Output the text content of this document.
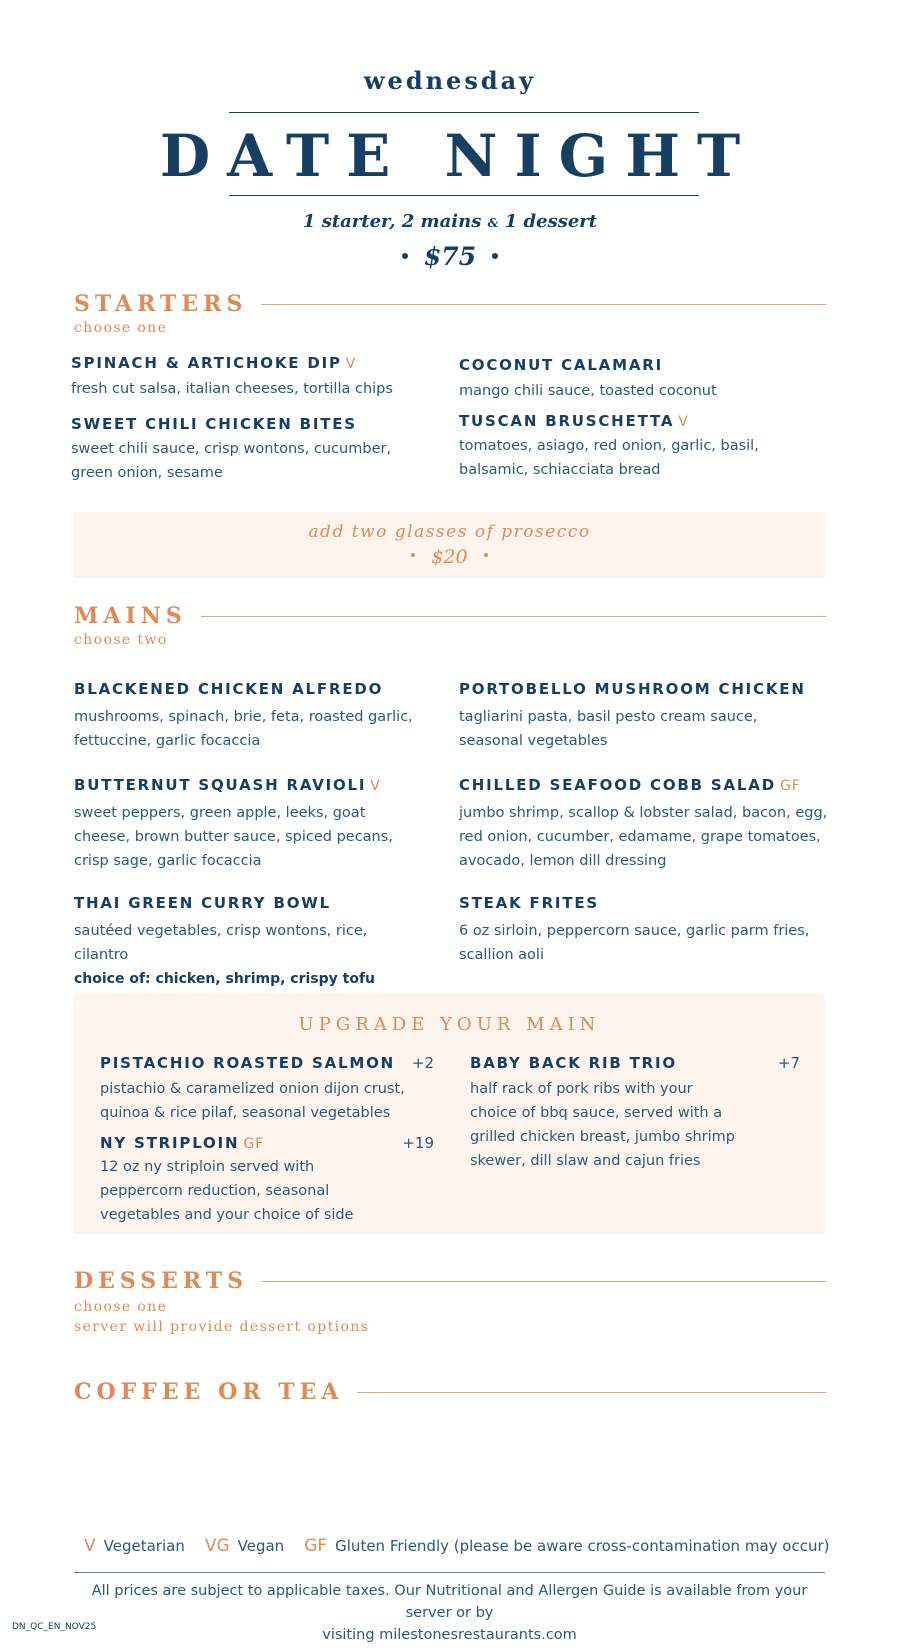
wednesday
DATE NIGHT
1 starter, 2 mains & 1 dessert
$75
STARTERS
choose one
SPINACH & ARTICHOKE DIP V
fresh cut salsa, italian cheeses, tortilla chips
COCONUT CALAMARI
mango chili sauce, toasted coconut
SWEET CHILI CHICKEN BITES
sweet chili sauce, crisp wontons, cucumber, green onion, sesame
TUSCAN BRUSCHETTA V
tomatoes, asiago, red onion, garlic, basil, balsamic, schiacciata bread
add two glasses of prosecco
$20
MAINS
choose two
BLACKENED CHICKEN ALFREDO
mushrooms, spinach, brie, feta, roasted garlic, fettuccine, garlic focaccia
PORTOBELLO MUSHROOM CHICKEN
tagliarini pasta, basil pesto cream sauce, seasonal vegetables
BUTTERNUT SQUASH RAVIOLI V
sweet peppers, green apple, leeks, goat cheese, brown butter sauce, spiced pecans, crisp sage, garlic focaccia
CHILLED SEAFOOD COBB SALAD GF
jumbo shrimp, scallop & lobster salad, bacon, egg, red onion, cucumber, edamame, grape tomatoes, avocado, lemon dill dressing
THAI GREEN CURRY BOWL
sautéed vegetables, crisp wontons, rice, cilantro
choice of: chicken, shrimp, crispy tofu
STEAK FRITES
6 oz sirloin, peppercorn sauce, garlic parm fries, scallion aoli
UPGRADE YOUR MAIN
PISTACHIO ROASTED SALMON +2
pistachio & caramelized onion dijon crust, quinoa & rice pilaf, seasonal vegetables
BABY BACK RIB TRIO	+7
half rack of pork ribs with your choice of bbq sauce, served with a grilled chicken breast, jumbo shrimp skewer, dill slaw and cajun fries
NY STRIPLOIN GF	+19
12 oz ny striploin served with peppercorn reduction, seasonal vegetables and your choice of side
DESSERTS
choose one
server will provide dessert options
COFFEE OR TEA
V Vegetarian VG Vegan GF Gluten Friendly (please be aware cross-contamination may occur)
All prices are subject to applicable taxes. Our Nutritional and Allergen Guide is available from your server or by
visiting milestonesrestaurants.com
DN_QC_EN_NOV25
